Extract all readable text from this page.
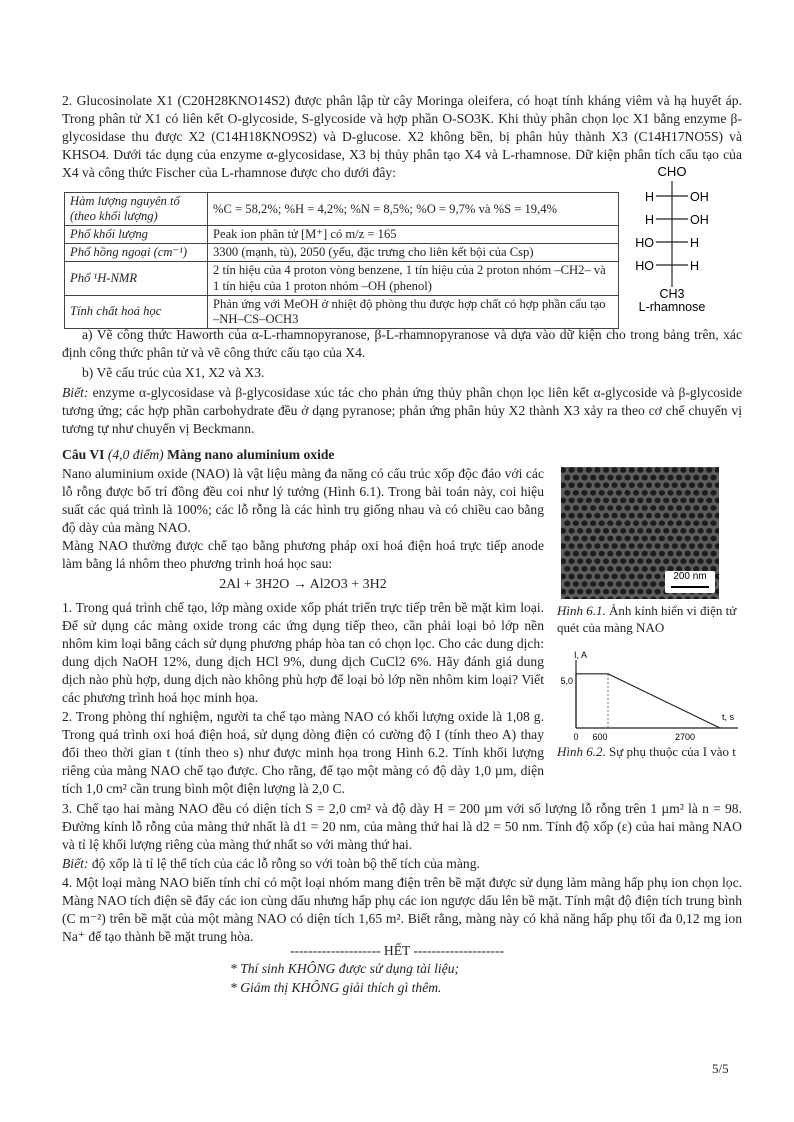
2. Glucosinolate X1 (C20H28KNO14S2) được phân lập từ cây Moringa oleifera, có hoạt tính kháng viêm và hạ huyết áp. Trong phân tử X1 có liên kết O-glycoside, S-glycoside và hợp phần O-SO3K. Khi thủy phân chọn lọc X1 bằng enzyme β-glycosidase thu được X2 (C14H18KNO9S2) và D-glucose. X2 không bền, bị phân hủy thành X3 (C14H17NO5S) và KHSO4. Dưới tác dụng của enzyme α-glycosidase, X3 bị thủy phân tạo X4 và L-rhamnose. Dữ kiện phân tích cấu tạo của X4 và công thức Fischer của L-rhamnose được cho dưới đây:

Hàm lượng nguyên tố (theo khối lượng)	%C = 58,2%; %H = 4,2%; %N = 8,5%; %O = 9,7% và %S = 19,4%
Phổ khối lượng	Peak ion phân tử [M⁺] có m/z = 165
Phổ hồng ngoại (cm⁻¹)	3300 (mạnh, tù), 2050 (yếu, đặc trưng cho liên kết bội của Csp)
Phổ ¹H-NMR	2 tín hiệu của 4 proton vòng benzene, 1 tín hiệu của 2 proton nhóm –CH2– và 1 tín hiệu của 1 proton nhóm –OH (phenol)
Tính chất hoá học	Phản ứng với MeOH ở nhiệt độ phòng thu được hợp chất có hợp phần cấu tạo –NH–CS–OCH3
CHO
H	OH
H	OH
HO	H
HO	H
CH3
L-rhamnose

a) Vẽ công thức Haworth của α-L-rhamnopyranose, β-L-rhamnopyranose và dựa vào dữ kiện cho trong bảng trên, xác định công thức phân tử và vẽ công thức cấu tạo của X4.

b) Vẽ cấu trúc của X1, X2 và X3.

Biết: enzyme α-glycosidase và β-glycosidase xúc tác cho phản ứng thủy phân chọn lọc liên kết α-glycoside và β-glycoside tương ứng; các hợp phần carbohydrate đều ở dạng pyranose; phản ứng phân hủy X2 thành X3 xảy ra theo cơ chế chuyển vị tương tự như chuyển vị Beckmann.

Câu VI (4,0 điểm) Màng nano aluminium oxide

Nano aluminium oxide (NAO) là vật liệu màng đa năng có cấu trúc xốp độc đáo với các lỗ rỗng được bố trí đồng đều coi như lý tưởng (Hình 6.1). Trong bài toán này, coi hiệu suất các quá trình là 100%; các lỗ rỗng là các hình trụ giống nhau và có chiều cao bằng độ dày của màng NAO.

Màng NAO thường được chế tạo bằng phương pháp oxi hoá điện hoá trực tiếp anode làm bằng lá nhôm theo phương trình hoá học sau:

2Al + 3H2O → Al2O3 + 3H2

200 nm
Hình 6.1. Ảnh kính hiển vi điện tử quét của màng NAO
I, A
t, s
5,0
0 600	2700
Hình 6.2. Sự phụ thuộc của I vào t

1. Trong quá trình chế tạo, lớp màng oxide xốp phát triển trực tiếp trên bề mặt kim loại. Để sử dụng các màng oxide trong các ứng dụng tiếp theo, cần phải loại bỏ lớp nền nhôm kim loại bằng cách sử dụng phương pháp hòa tan có chọn lọc. Cho các dung dịch: dung dịch NaOH 12%, dung dịch HCl 9%, dung dịch CuCl2 6%. Hãy đánh giá dung dịch nào phù hợp, dung dịch nào không phù hợp để loại bỏ lớp nền nhôm kim loại? Viết các phương trình hoá học minh họa.

2. Trong phòng thí nghiệm, người ta chế tạo màng NAO có khối lượng oxide là 1,08 g. Trong quá trình oxi hoá điện hoá, sử dụng dòng điện có cường độ I (tính theo A) thay đổi theo thời gian t (tính theo s) như được minh họa trong Hình 6.2. Tính khối lượng riêng của màng NAO chế tạo được. Cho rằng, để tạo một màng có độ dày 1,0 µm, diện tích 1,0 cm² cần trung bình một điện lượng là 2,0 C.

3. Chế tạo hai màng NAO đều có diện tích S = 2,0 cm² và độ dày H = 200 µm với số lượng lỗ rỗng trên 1 µm² là n = 98. Đường kính lỗ rỗng của màng thứ nhất là d1 = 20 nm, của màng thứ hai là d2 = 50 nm. Tính độ xốp (ε) của hai màng NAO và tỉ lệ khối lượng riêng của màng thứ nhất so với màng thứ hai.

Biết: độ xốp là tỉ lệ thể tích của các lỗ rỗng so với toàn bộ thể tích của màng.

4. Một loại màng NAO biến tính chỉ có một loại nhóm mang điện trên bề mặt được sử dụng làm màng hấp phụ ion chọn lọc. Màng NAO tích điện sẽ đẩy các ion cùng dấu nhưng hấp phụ các ion ngược dấu lên bề mặt. Tính mật độ điện tích trung bình (C m⁻²) trên bề mặt của một màng NAO có diện tích 1,65 m². Biết rằng, màng này có khả năng hấp phụ tối đa 0,12 mg ion Na⁺ để tạo thành bề mặt trung hòa.

-------------------- HẾT --------------------
* Thí sinh KHÔNG được sử dụng tài liệu;
* Giám thị KHÔNG giải thích gì thêm.
5/5
